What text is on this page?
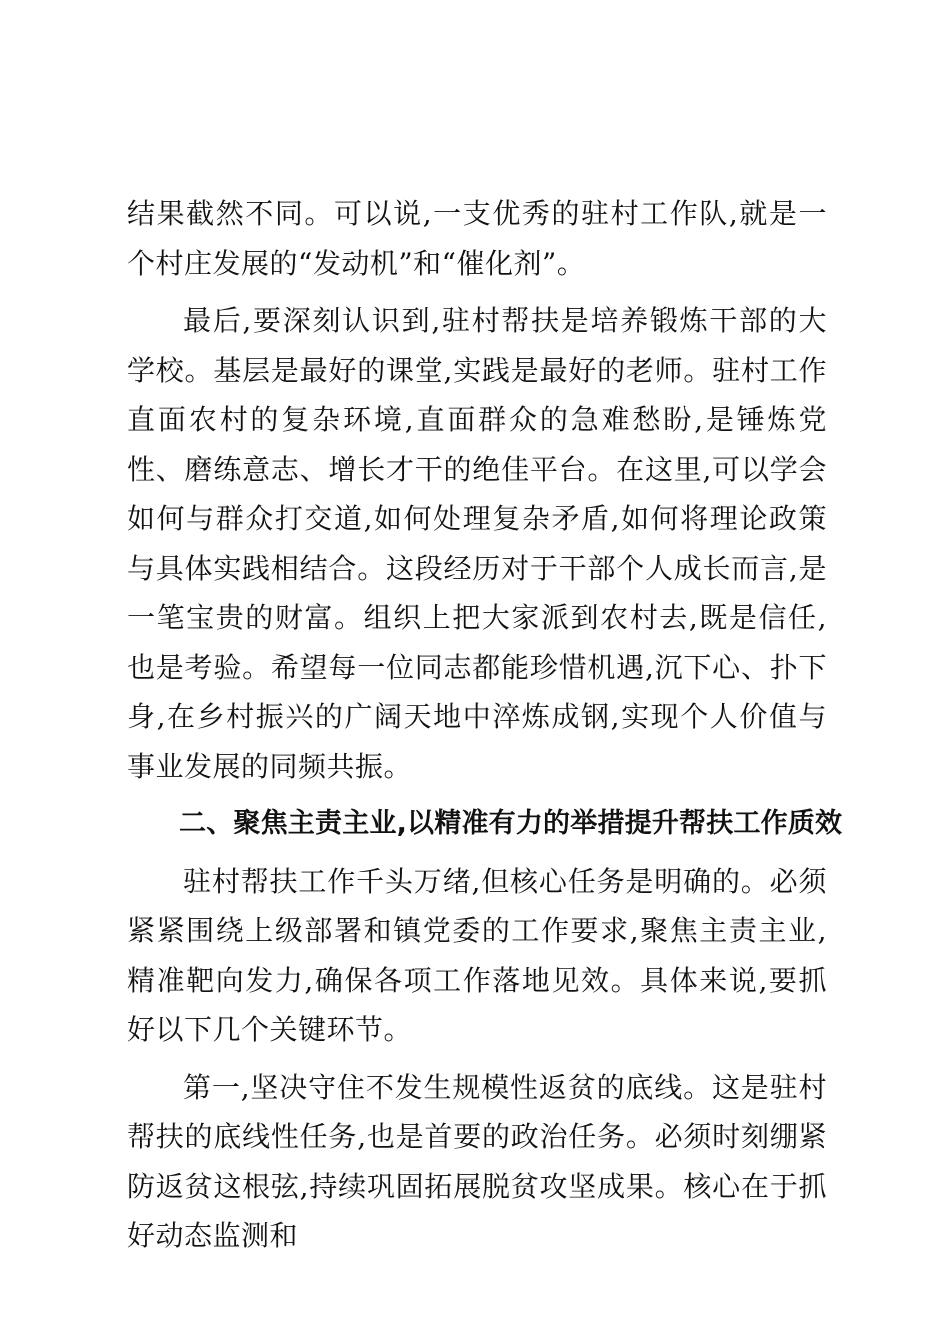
结果截然不同。可以说,一支优秀的驻村工作队,就是一个村庄发展的“发动机”和“催化剂”。

最后,要深刻认识到,驻村帮扶是培养锻炼干部的大学校。基层是最好的课堂,实践是最好的老师。驻村工作直面农村的复杂环境,直面群众的急难愁盼,是锤炼党性、磨练意志、增长才干的绝佳平台。在这里,可以学会如何与群众打交道,如何处理复杂矛盾,如何将理论政策与具体实践相结合。这段经历对于干部个人成长而言,是一笔宝贵的财富。组织上把大家派到农村去,既是信任,也是考验。希望每一位同志都能珍惜机遇,沉下心、扑下身,在乡村振兴的广阔天地中淬炼成钢,实现个人价值与事业发展的同频共振。

二、聚焦主责主业,以精准有力的举措提升帮扶工作质效

驻村帮扶工作千头万绪,但核心任务是明确的。必须紧紧围绕上级部署和镇党委的工作要求,聚焦主责主业,精准靶向发力,确保各项工作落地见效。具体来说,要抓好以下几个关键环节。

第一,坚决守住不发生规模性返贫的底线。这是驻村帮扶的底线性任务,也是首要的政治任务。必须时刻绷紧防返贫这根弦,持续巩固拓展脱贫攻坚成果。核心在于抓好动态监测和
